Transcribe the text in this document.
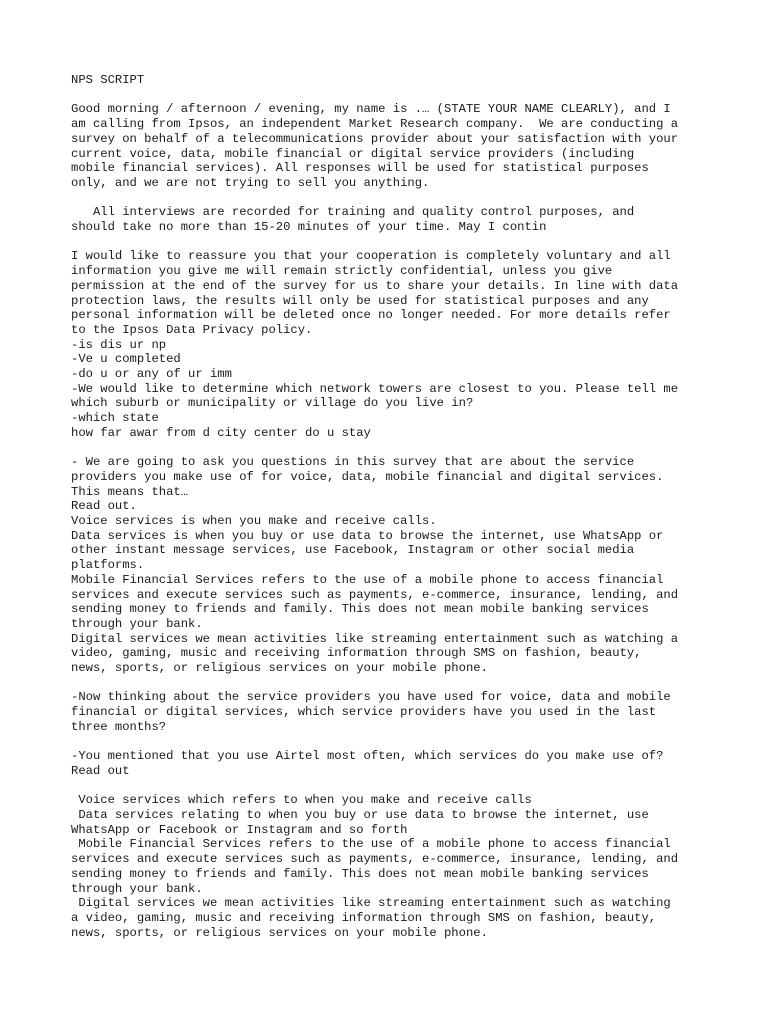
NPS SCRIPT
Good morning / afternoon / evening, my name is .… (STATE YOUR NAME CLEARLY), and I
am calling from Ipsos, an independent Market Research company.  We are conducting a
survey on behalf of a telecommunications provider about your satisfaction with your
current voice, data, mobile financial or digital service providers (including
mobile financial services). All responses will be used for statistical purposes
only, and we are not trying to sell you anything.
All interviews are recorded for training and quality control purposes, and
should take no more than 15-20 minutes of your time. May I contin
I would like to reassure you that your cooperation is completely voluntary and all
information you give me will remain strictly confidential, unless you give
permission at the end of the survey for us to share your details. In line with data
protection laws, the results will only be used for statistical purposes and any
personal information will be deleted once no longer needed. For more details refer
to the Ipsos Data Privacy policy.
-is dis ur np
-Ve u completed
-do u or any of ur imm
-We would like to determine which network towers are closest to you. Please tell me
which suburb or municipality or village do you live in?
-which state
how far awar from d city center do u stay
- We are going to ask you questions in this survey that are about the service
providers you make use of for voice, data, mobile financial and digital services.
This means that…
Read out.
Voice services is when you make and receive calls.
Data services is when you buy or use data to browse the internet, use WhatsApp or
other instant message services, use Facebook, Instagram or other social media
platforms.
Mobile Financial Services refers to the use of a mobile phone to access financial
services and execute services such as payments, e-commerce, insurance, lending, and
sending money to friends and family. This does not mean mobile banking services
through your bank.
Digital services we mean activities like streaming entertainment such as watching a
video, gaming, music and receiving information through SMS on fashion, beauty,
news, sports, or religious services on your mobile phone.
-Now thinking about the service providers you have used for voice, data and mobile
financial or digital services, which service providers have you used in the last
three months?
-You mentioned that you use Airtel most often, which services do you make use of?
Read out
Voice services which refers to when you make and receive calls
Data services relating to when you buy or use data to browse the internet, use
WhatsApp or Facebook or Instagram and so forth
Mobile Financial Services refers to the use of a mobile phone to access financial
services and execute services such as payments, e-commerce, insurance, lending, and
sending money to friends and family. This does not mean mobile banking services
through your bank.
Digital services we mean activities like streaming entertainment such as watching
a video, gaming, music and receiving information through SMS on fashion, beauty,
news, sports, or religious services on your mobile phone.
